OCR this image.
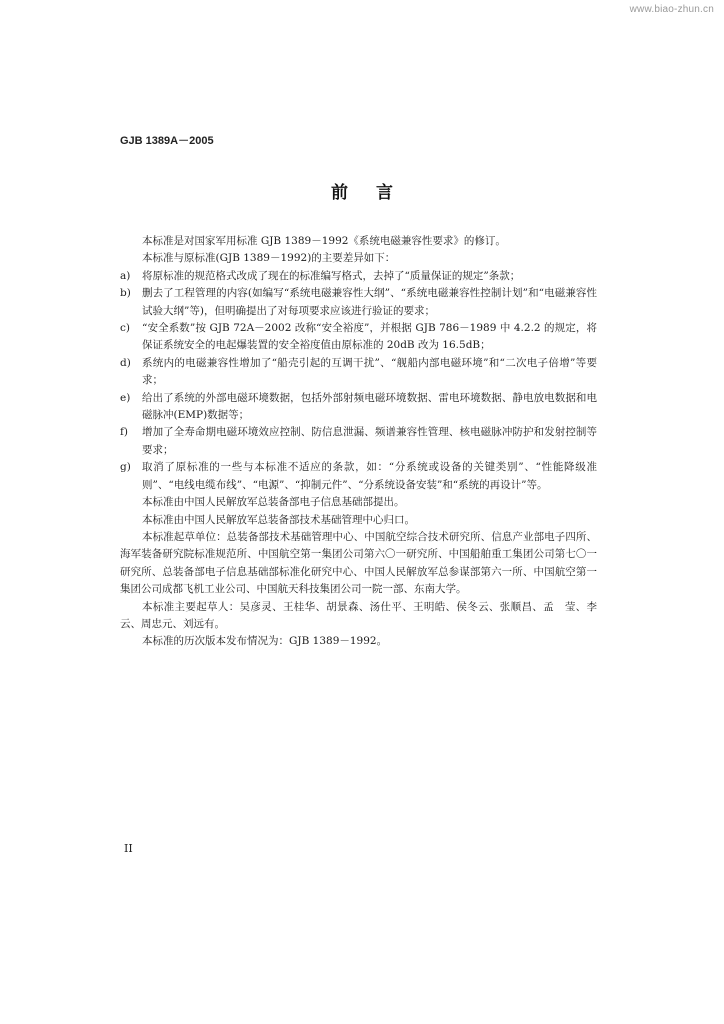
www.biao-zhun.cn
GJB 1389A－2005
前言

本标准是对国家军用标准 GJB 1389－1992《系统电磁兼容性要求》的修订。

本标准与原标准(GJB 1389－1992)的主要差异如下：

a)	将原标准的规范格式改成了现在的标准编写格式，去掉了“质量保证的规定”条款；
b)	删去了工程管理的内容(如编写“系统电磁兼容性大纲”、“系统电磁兼容性控制计划”和“电磁兼容性试验大纲”等)，但明确提出了对每项要求应该进行验证的要求；
c)	“安全系数”按 GJB 72A－2002 改称“安全裕度”，并根据 GJB 786－1989 中 4.2.2 的规定，将保证系统安全的电起爆装置的安全裕度值由原标准的 20dB 改为 16.5dB；
d)	系统内的电磁兼容性增加了“船壳引起的互调干扰”、“舰船内部电磁环境”和“二次电子倍增”等要求；
e)	给出了系统的外部电磁环境数据，包括外部射频电磁环境数据、雷电环境数据、静电放电数据和电磁脉冲(EMP)数据等；
f)	增加了全寿命期电磁环境效应控制、防信息泄漏、频谱兼容性管理、核电磁脉冲防护和发射控制等要求；
g)	取消了原标准的一些与本标准不适应的条款，如：“分系统或设备的关键类别”、“性能降级准则”、“电线电缆布线”、“电源”、“抑制元件”、“分系统设备安装”和“系统的再设计”等。

本标准由中国人民解放军总装备部电子信息基础部提出。

本标准由中国人民解放军总装备部技术基础管理中心归口。

本标准起草单位：总装备部技术基础管理中心、中国航空综合技术研究所、信息产业部电子四所、海军装备研究院标准规范所、中国航空第一集团公司第六〇一研究所、中国船舶重工集团公司第七〇一研究所、总装备部电子信息基础部标准化研究中心、中国人民解放军总参谋部第六一所、中国航空第一集团公司成都飞机工业公司、中国航天科技集团公司一院一部、东南大学。

本标准主要起草人：吴彦灵、王桂华、胡景森、汤仕平、王明皓、侯冬云、张顺昌、孟　莹、李　云、周忠元、刘远有。

本标准的历次版本发布情况为：GJB 1389－1992。

II
